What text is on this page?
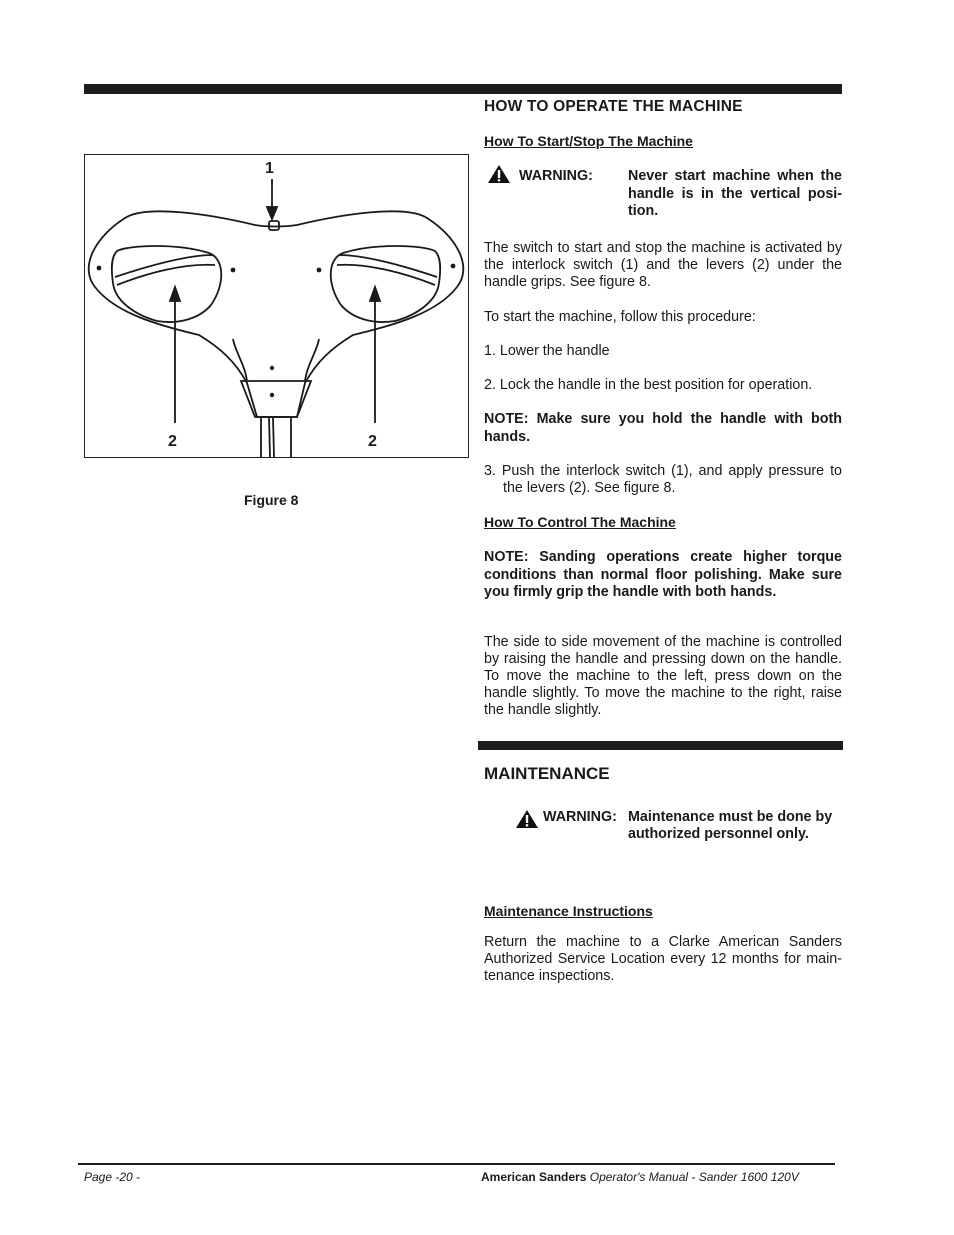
1
2	2
Figure 8
HOW TO OPERATE THE MACHINE
How To Start/Stop The Machine
WARNING: Never start machine when the handle is in the vertical posi-tion.
The switch to start and stop the machine is activated by the interlock switch (1) and the levers (2) under the handle grips. See figure 8.
To start the machine, follow this procedure:
1. Lower the handle
2. Lock the handle in the best position for operation.
NOTE: Make sure you hold the handle with both hands.
3. Push the interlock switch (1), and apply pressure to the levers (2). See figure 8.
How To Control The Machine
NOTE: Sanding operations create higher torque conditions than normal floor polishing. Make sure you firmly grip the handle with both hands.
The side to side movement of the machine is controlled by raising the handle and pressing down on the handle. To move the machine to the left, press down on the handle slightly. To move the machine to the right, raise the handle slightly.
MAINTENANCE
WARNING: Maintenance must be done by authorized personnel only.
Maintenance Instructions
Return the machine to a Clarke American Sanders Authorized Service Location every 12 months for main-tenance inspections.
Page -20 -	American Sanders Operator's Manual - Sander 1600 120V
